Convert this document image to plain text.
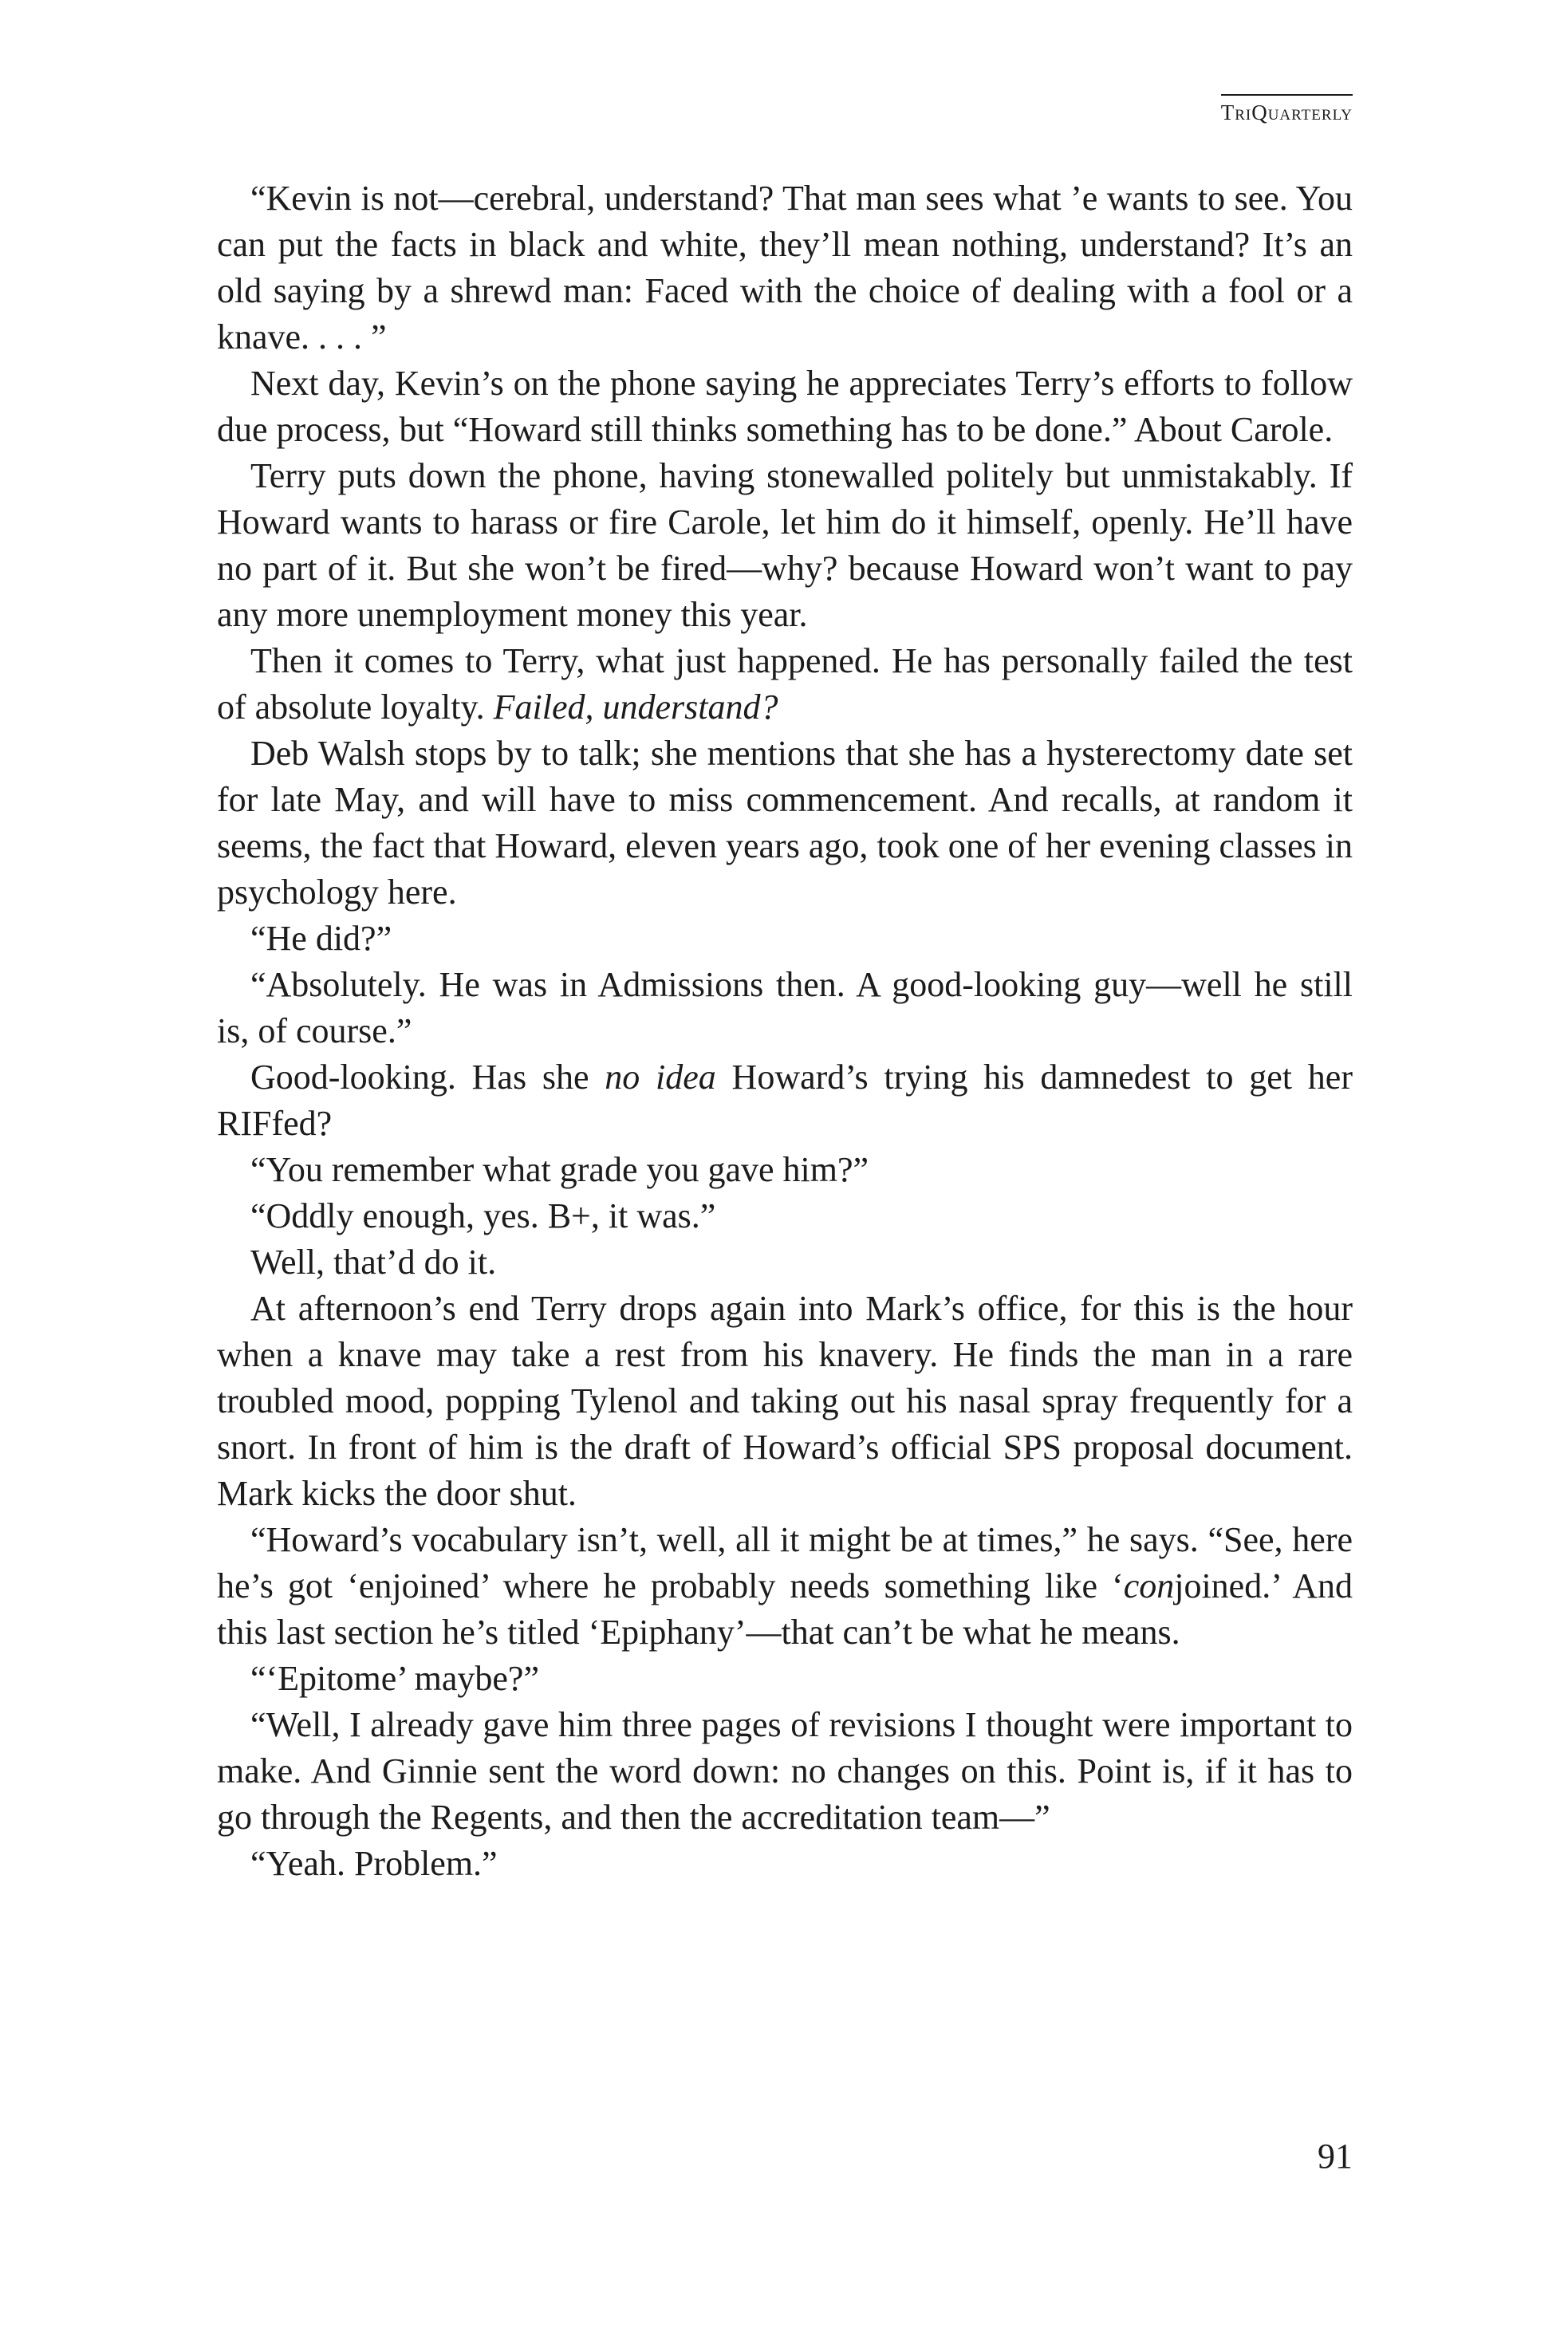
TriQuarterly

“Kevin is not—cerebral, understand? That man sees what ’e wants to see. You can put the facts in black and white, they’ll mean nothing, understand? It’s an old saying by a shrewd man: Faced with the choice of dealing with a fool or a knave. . . . ”

Next day, Kevin’s on the phone saying he appreciates Terry’s efforts to follow due process, but “Howard still thinks something has to be done.” About Carole.

Terry puts down the phone, having stonewalled politely but unmistakably. If Howard wants to harass or fire Carole, let him do it himself, openly. He’ll have no part of it. But she won’t be fired—why? because Howard won’t want to pay any more unemployment money this year.

Then it comes to Terry, what just happened. He has personally failed the test of absolute loyalty. Failed, understand?

Deb Walsh stops by to talk; she mentions that she has a hysterectomy date set for late May, and will have to miss commencement. And recalls, at random it seems, the fact that Howard, eleven years ago, took one of her evening classes in psychology here.

“He did?”

“Absolutely. He was in Admissions then. A good-looking guy—well he still is, of course.”

Good-looking. Has she no idea Howard’s trying his damnedest to get her RIFfed?

“You remember what grade you gave him?”

“Oddly enough, yes. B+, it was.”

Well, that’d do it.

At afternoon’s end Terry drops again into Mark’s office, for this is the hour when a knave may take a rest from his knavery. He finds the man in a rare troubled mood, popping Tylenol and taking out his nasal spray frequently for a snort. In front of him is the draft of Howard’s official SPS proposal document. Mark kicks the door shut.

“Howard’s vocabulary isn’t, well, all it might be at times,” he says. “See, here he’s got ‘enjoined’ where he probably needs something like ‘conjoined.’ And this last section he’s titled ‘Epiphany’—that can’t be what he means.

“‘Epitome’ maybe?”

“Well, I already gave him three pages of revisions I thought were important to make. And Ginnie sent the word down: no changes on this. Point is, if it has to go through the Regents, and then the accreditation team—”

“Yeah. Problem.”

91
